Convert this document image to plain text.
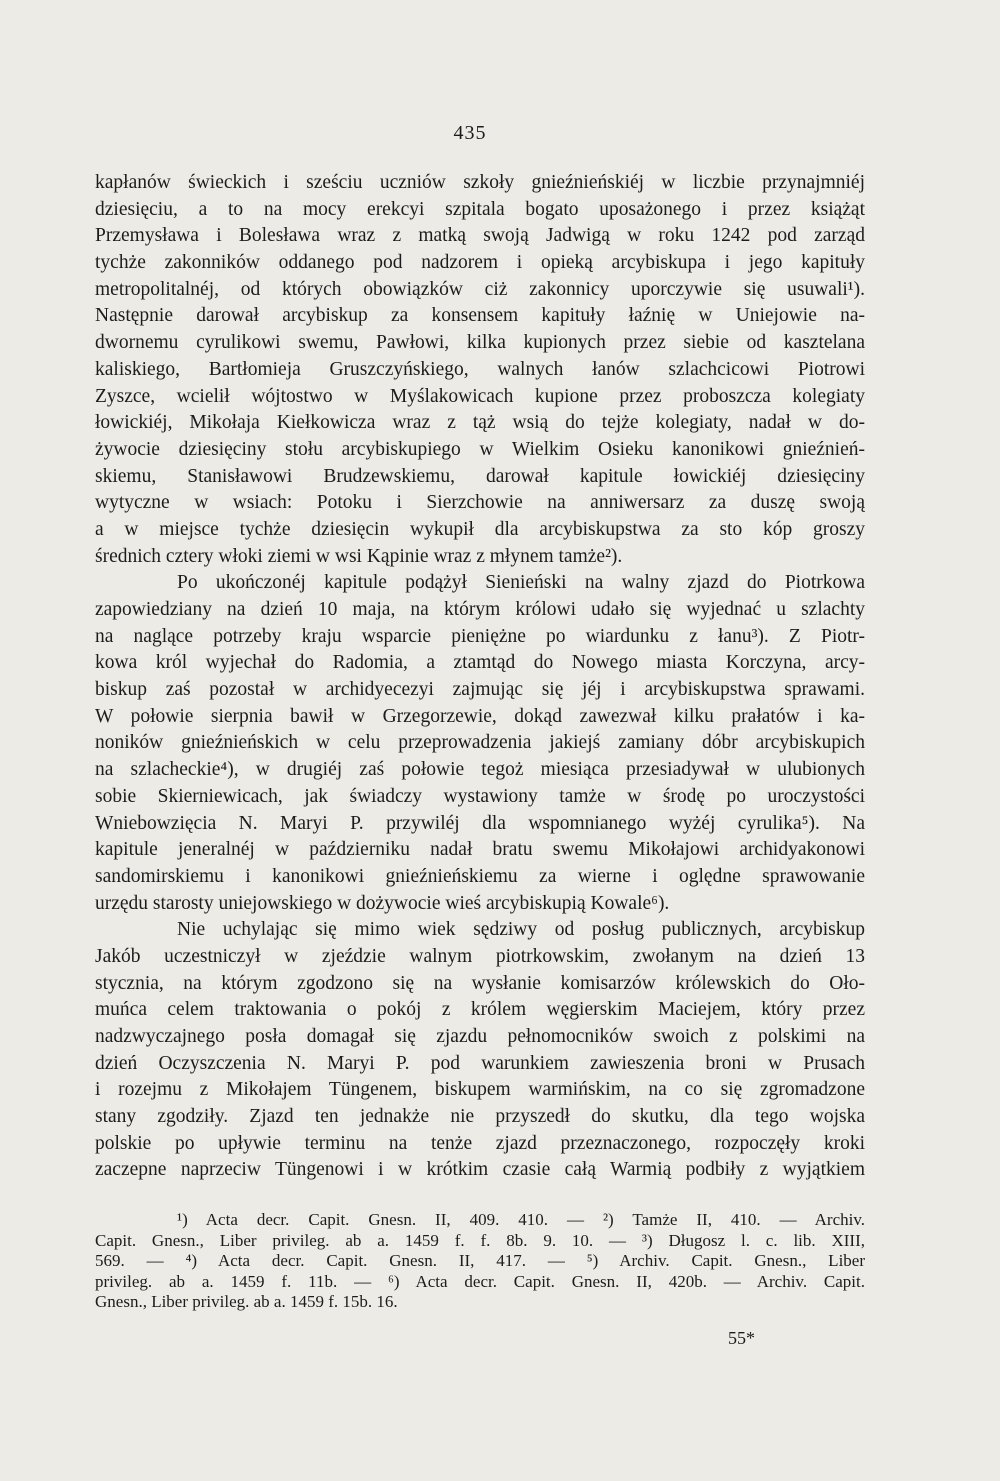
435
kapłanów świeckich i sześciu uczniów szkoły gnieźnieńskiéj w liczbie przynajmniéj
dziesięciu, a to na mocy erekcyi szpitala bogato uposażonego i przez książąt
Przemysława i Bolesława wraz z matką swoją Jadwigą w roku 1242 pod zarząd
tychże zakonników oddanego pod nadzorem i opieką arcybiskupa i jego kapituły
metropolitalnéj, od których obowiązków ciż zakonnicy uporczywie się usuwali¹).
Następnie darował arcybiskup za konsensem kapituły łaźnię w Uniejowie na-
dwornemu cyrulikowi swemu, Pawłowi, kilka kupionych przez siebie od kasztelana
kaliskiego, Bartłomieja Gruszczyńskiego, walnych łanów szlachcicowi Piotrowi
Zyszce, wcielił wójtostwo w Myślakowicach kupione przez proboszcza kolegiaty
łowickiéj, Mikołaja Kiełkowicza wraz z tąż wsią do tejże kolegiaty, nadał w do-
żywocie dziesięciny stołu arcybiskupiego w Wielkim Osieku kanonikowi gnieźnień-
skiemu, Stanisławowi Brudzewskiemu, darował kapitule łowickiéj dziesięciny
wytyczne w wsiach: Potoku i Sierzchowie na anniwersarz za duszę swoją
a w miejsce tychże dziesięcin wykupił dla arcybiskupstwa za sto kóp groszy
średnich cztery włoki ziemi w wsi Kąpinie wraz z młynem tamże²).
Po ukończonéj kapitule podążył Sienieński na walny zjazd do Piotrkowa
zapowiedziany na dzień 10 maja, na którym królowi udało się wyjednać u szlachty
na naglące potrzeby kraju wsparcie pieniężne po wiardunku z łanu³). Z Piotr-
kowa król wyjechał do Radomia, a ztamtąd do Nowego miasta Korczyna, arcy-
biskup zaś pozostał w archidyecezyi zajmując się jéj i arcybiskupstwa sprawami.
W połowie sierpnia bawił w Grzegorzewie, dokąd zawezwał kilku prałatów i ka-
noników gnieźnieńskich w celu przeprowadzenia jakiejś zamiany dóbr arcybiskupich
na szlacheckie⁴), w drugiéj zaś połowie tegoż miesiąca przesiadywał w ulubionych
sobie Skierniewicach, jak świadczy wystawiony tamże w środę po uroczystości
Wniebowzięcia N. Maryi P. przywiléj dla wspomnianego wyżéj cyrulika⁵). Na
kapitule jeneralnéj w październiku nadał bratu swemu Mikołajowi archidyakonowi
sandomirskiemu i kanonikowi gnieźnieńskiemu za wierne i oględne sprawowanie
urzędu starosty uniejowskiego w dożywocie wieś arcybiskupią Kowale⁶).
Nie uchylając się mimo wiek sędziwy od posług publicznych, arcybiskup
Jakób uczestniczył w zjeździe walnym piotrkowskim, zwołanym na dzień 13
stycznia, na którym zgodzono się na wysłanie komisarzów królewskich do Oło-
muńca celem traktowania o pokój z królem węgierskim Maciejem, który przez
nadzwyczajnego posła domagał się zjazdu pełnomocników swoich z polskimi na
dzień Oczyszczenia N. Maryi P. pod warunkiem zawieszenia broni w Prusach
i rozejmu z Mikołajem Tüngenem, biskupem warmińskim, na co się zgromadzone
stany zgodziły. Zjazd ten jednakże nie przyszedł do skutku, dla tego wojska
polskie po upływie terminu na tenże zjazd przeznaczonego, rozpoczęły kroki
zaczepne naprzeciw Tüngenowi i w krótkim czasie całą Warmią podbiły z wyjątkiem
¹) Acta decr. Capit. Gnesn. II, 409. 410. — ²) Tamże II, 410. — Archiv.
Capit. Gnesn., Liber privileg. ab a. 1459 f. f. 8b. 9. 10. — ³) Długosz l. c. lib. XIII,
569. — ⁴) Acta decr. Capit. Gnesn. II, 417. — ⁵) Archiv. Capit. Gnesn., Liber
privileg. ab a. 1459 f. 11b. — ⁶) Acta decr. Capit. Gnesn. II, 420b. — Archiv. Capit.
Gnesn., Liber privileg. ab a. 1459 f. 15b. 16.
55*
